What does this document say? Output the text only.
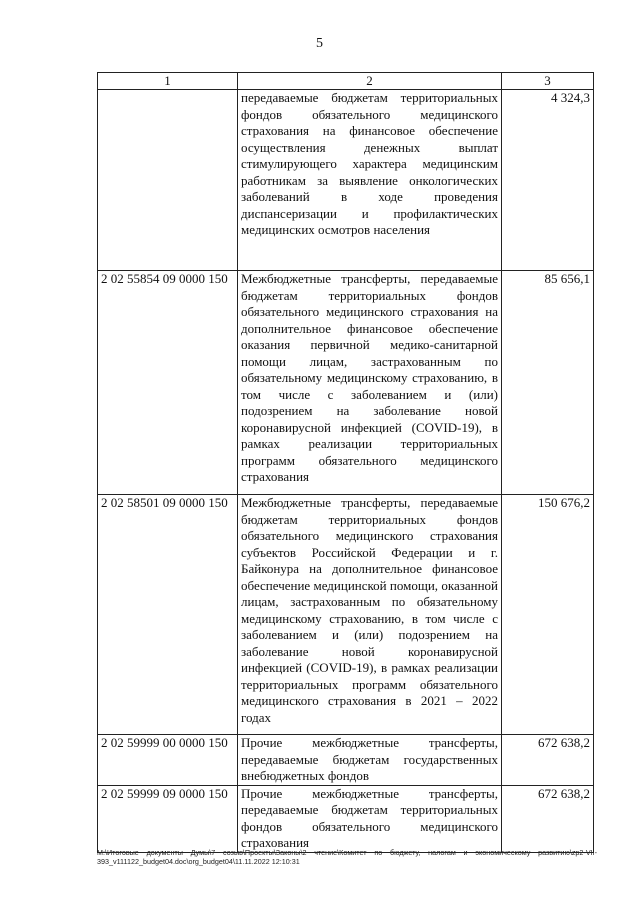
5
1	2	3
	передаваемые бюджетам территориальных фондов обязательного медицинского страхования на финансовое обеспечение осуществления денежных выплат стимулирующего характера медицинским работникам за выявление онкологических заболеваний в ходе проведения диспансеризации и профилактических медицинских осмотров населения	4 324,3
2 02 55854 09 0000 150	Межбюджетные трансферты, передаваемые бюджетам территориальных фондов обязательного медицинского страхования на дополнительное финансовое обеспечение оказания первичной медико-санитарной помощи лицам, застрахованным по обязательному медицинскому страхованию, в том числе с заболеванием и (или) подозрением на заболевание новой коронавирусной инфекцией (COVID-19), в рамках реализации территориальных программ обязательного медицинского страхования	85 656,1
2 02 58501 09 0000 150	Межбюджетные трансферты, передаваемые бюджетам территориальных фондов обязательного медицинского страхования субъектов Российской Федерации и г. Байконура на дополнительное финансовое обеспечение медицинской помощи, оказанной лицам, застрахованным по обязательному медицинскому страхованию, в том числе с заболеванием и (или) подозрением на заболевание новой коронавирусной инфекцией (COVID-19), в рамках реализации территориальных программ обязательного медицинского страхования в 2021 – 2022 годах	150 676,2
2 02 59999 00 0000 150	Прочие межбюджетные трансферты, передаваемые бюджетам государственных внебюджетных фондов	672 638,2
2 02 59999 09 0000 150	Прочие межбюджетные трансферты, передаваемые бюджетам территориальных фондов обязательного медицинского страхования	672 638,2
M:\Итоговые документы Думы\7 созыв\Проекты\Законы\2 чтение\Комитет по бюджету, налогам и экономическому развитию\zp2-VII-393_v111122_budget04.doc\org_budget04\11.11.2022 12:10:31
